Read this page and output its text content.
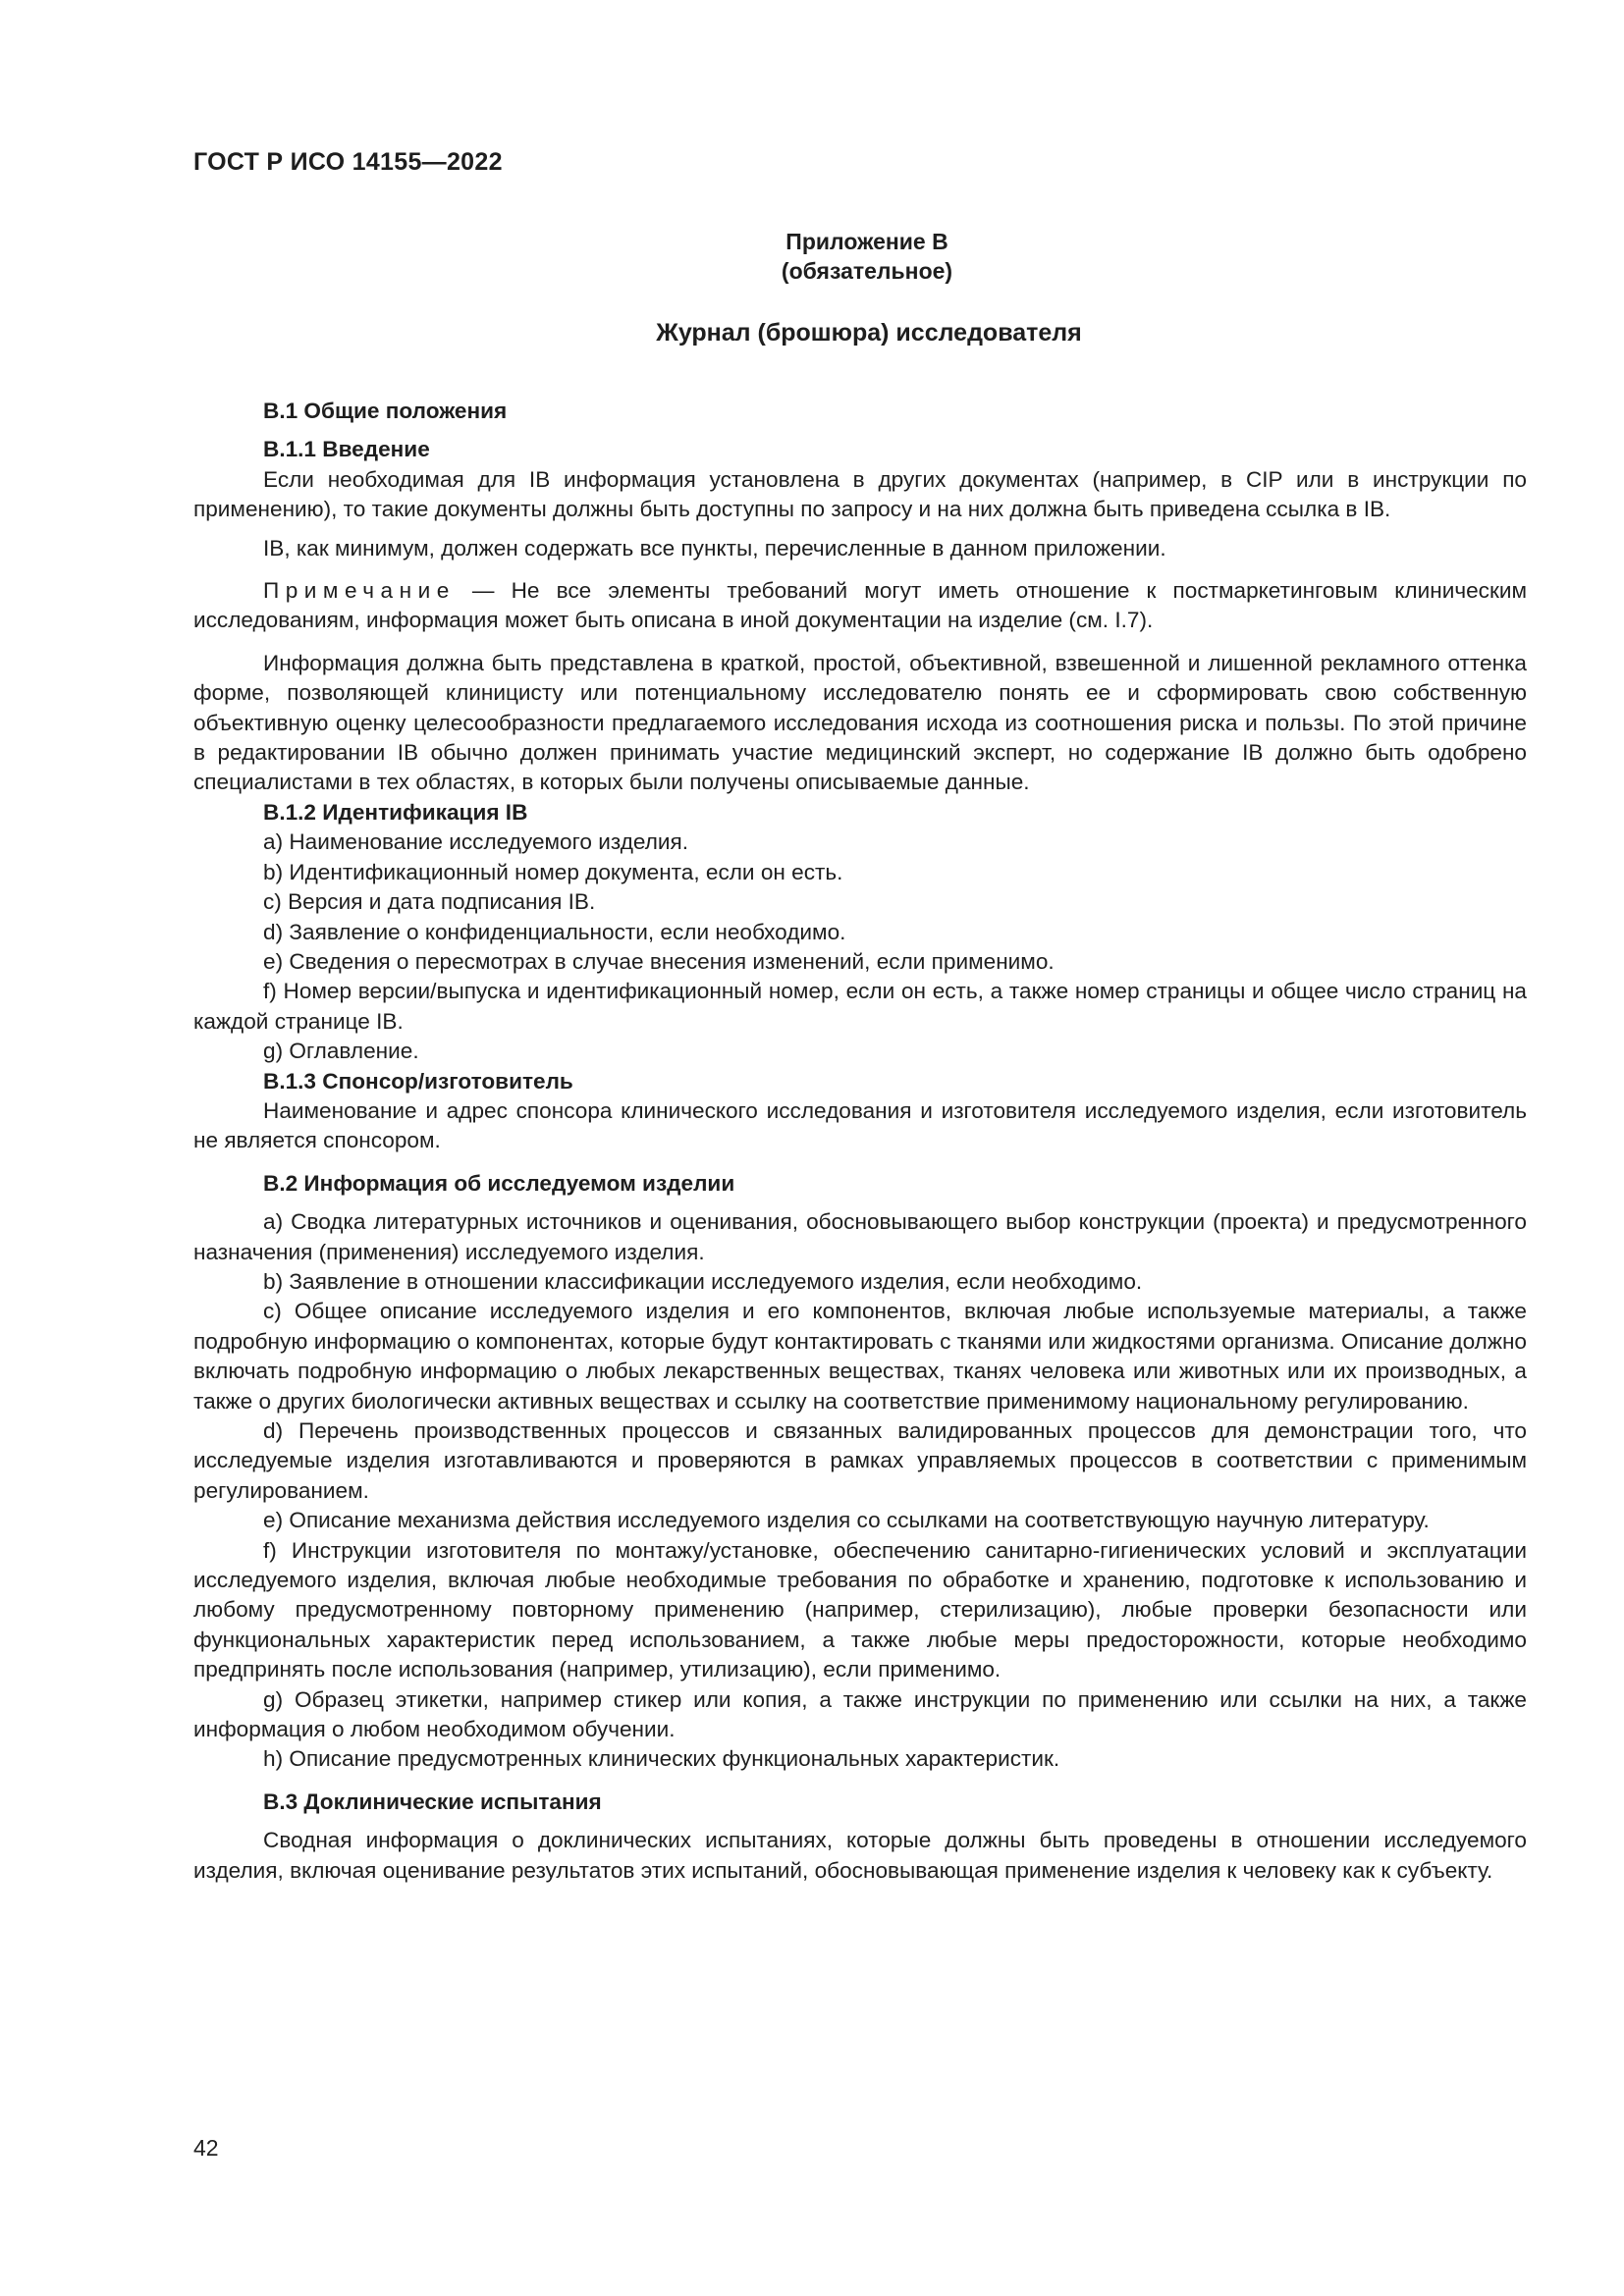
ГОСТ Р ИСО 14155—2022
Приложение В
(обязательное)
Журнал (брошюра) исследователя
В.1 Общие положения
В.1.1 Введение

Если необходимая для IB информация установлена в других документах (например, в CIP или в инструкции по применению), то такие документы должны быть доступны по запросу и на них должна быть приведена ссылка в IB.

IB, как минимум, должен содержать все пункты, перечисленные в данном приложении.

Примечание — Не все элементы требований могут иметь отношение к постмаркетинговым клиническим исследованиям, информация может быть описана в иной документации на изделие (см. I.7).

Информация должна быть представлена в краткой, простой, объективной, взвешенной и лишенной рекламного оттенка форме, позволяющей клиницисту или потенциальному исследователю понять ее и сформировать свою собственную объективную оценку целесообразности предлагаемого исследования исхода из соотношения риска и пользы. По этой причине в редактировании IB обычно должен принимать участие медицинский эксперт, но содержание IB должно быть одобрено специалистами в тех областях, в которых были получены описываемые данные.

В.1.2 Идентификация IB

a) Наименование исследуемого изделия.

b) Идентификационный номер документа, если он есть.

c) Версия и дата подписания IB.

d) Заявление о конфиденциальности, если необходимо.

e) Сведения о пересмотрах в случае внесения изменений, если применимо.

f) Номер версии/выпуска и идентификационный номер, если он есть, а также номер страницы и общее число страниц на каждой странице IB.

g) Оглавление.

В.1.3 Спонсор/изготовитель

Наименование и адрес спонсора клинического исследования и изготовителя исследуемого изделия, если изготовитель не является спонсором.

В.2 Информация об исследуемом изделии

a) Сводка литературных источников и оценивания, обосновывающего выбор конструкции (проекта) и предусмотренного назначения (применения) исследуемого изделия.

b) Заявление в отношении классификации исследуемого изделия, если необходимо.

c) Общее описание исследуемого изделия и его компонентов, включая любые используемые материалы, а также подробную информацию о компонентах, которые будут контактировать с тканями или жидкостями организма. Описание должно включать подробную информацию о любых лекарственных веществах, тканях человека или животных или их производных, а также о других биологически активных веществах и ссылку на соответствие применимому национальному регулированию.

d) Перечень производственных процессов и связанных валидированных процессов для демонстрации того, что исследуемые изделия изготавливаются и проверяются в рамках управляемых процессов в соответствии с применимым регулированием.

e) Описание механизма действия исследуемого изделия со ссылками на соответствующую научную литературу.

f) Инструкции изготовителя по монтажу/установке, обеспечению санитарно-гигиенических условий и эксплуатации исследуемого изделия, включая любые необходимые требования по обработке и хранению, подготовке к использованию и любому предусмотренному повторному применению (например, стерилизацию), любые проверки безопасности или функциональных характеристик перед использованием, а также любые меры предосторожности, которые необходимо предпринять после использования (например, утилизацию), если применимо.

g) Образец этикетки, например стикер или копия, а также инструкции по применению или ссылки на них, а также информация о любом необходимом обучении.

h) Описание предусмотренных клинических функциональных характеристик.

В.3 Доклинические испытания

Сводная информация о доклинических испытаниях, которые должны быть проведены в отношении исследуемого изделия, включая оценивание результатов этих испытаний, обосновывающая применение изделия к человеку как к субъекту.

42
